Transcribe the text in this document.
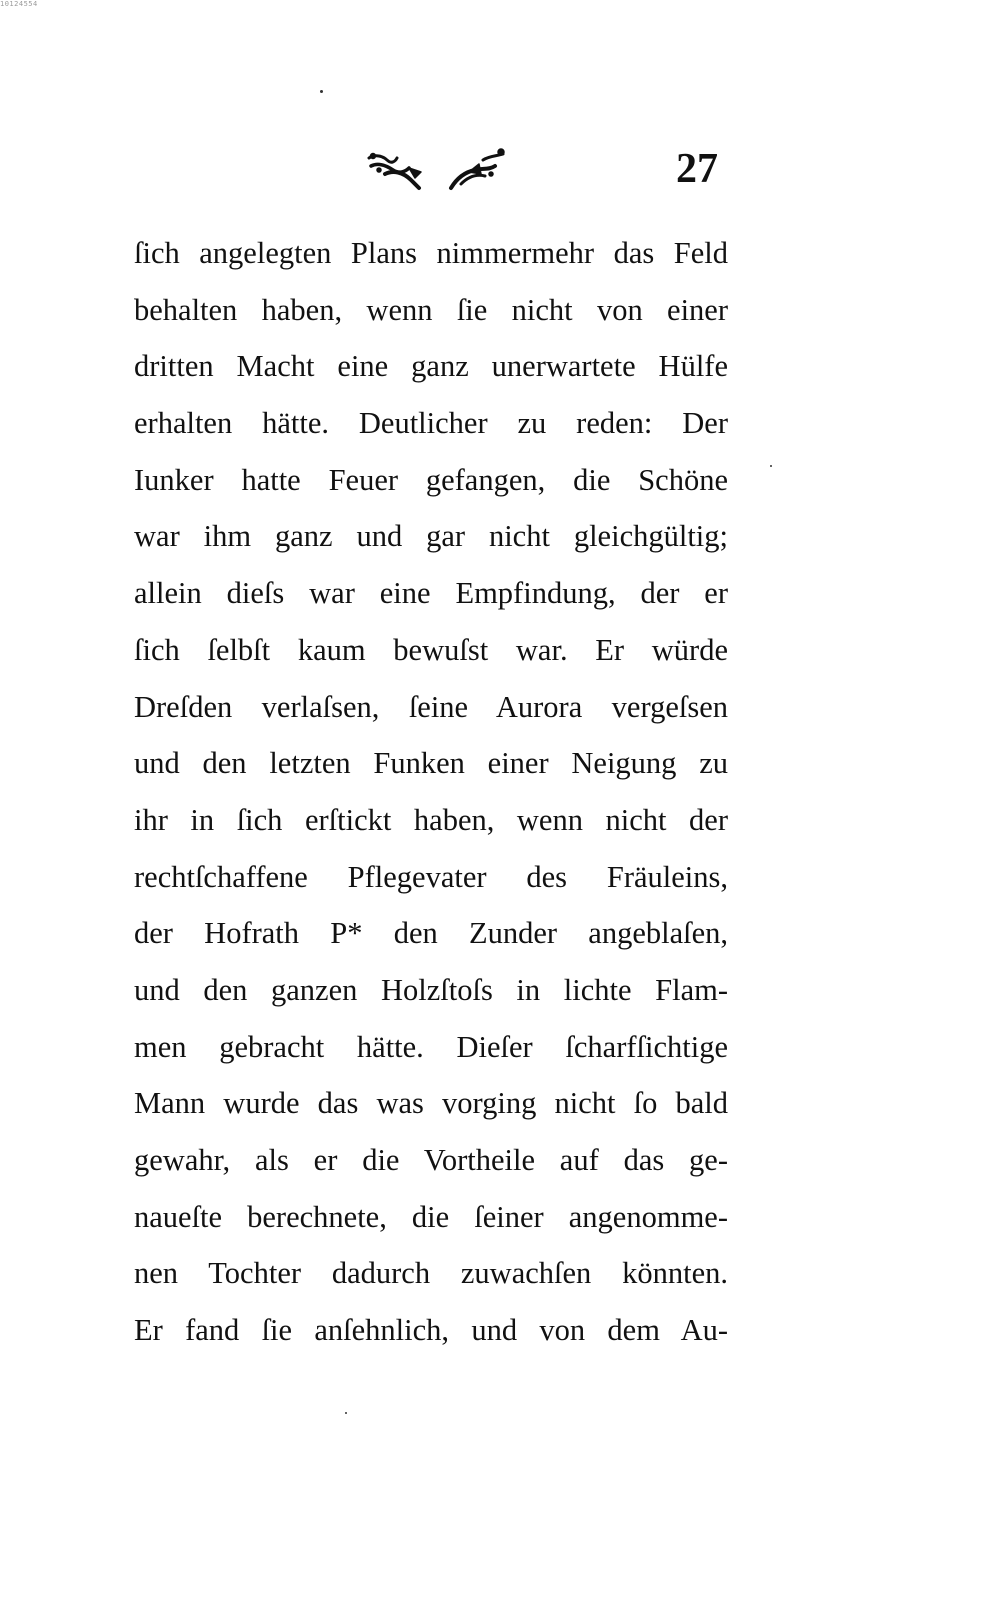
10124554
27
ſich angelegten Plans nimmermehr das Feld
behalten haben, wenn ſie nicht von einer
dritten Macht eine ganz unerwartete Hülfe
erhalten hätte. Deutlicher zu reden: Der
Iunker hatte Feuer gefangen, die Schöne
war ihm ganz und gar nicht gleichgültig;
allein dieſs war eine Empfindung, der er
ſich ſelbſt kaum bewuſst war. Er würde
Dreſden verlaſsen, ſeine Aurora vergeſsen
und den letzten Funken einer Neigung zu
ihr in ſich erſtickt haben, wenn nicht der
rechtſchaffene Pflegevater des Fräuleins,
der Hofrath P* den Zunder angeblaſen,
und den ganzen Holzſtoſs in lichte Flam-
men gebracht hätte. Dieſer ſcharfſichtige
Mann wurde das was vorging nicht ſo bald
gewahr, als er die Vortheile auf das ge-
naueſte berechnete, die ſeiner angenomme-
nen Tochter dadurch zuwachſen könnten.
Er fand ſie anſehnlich, und von dem Au-
